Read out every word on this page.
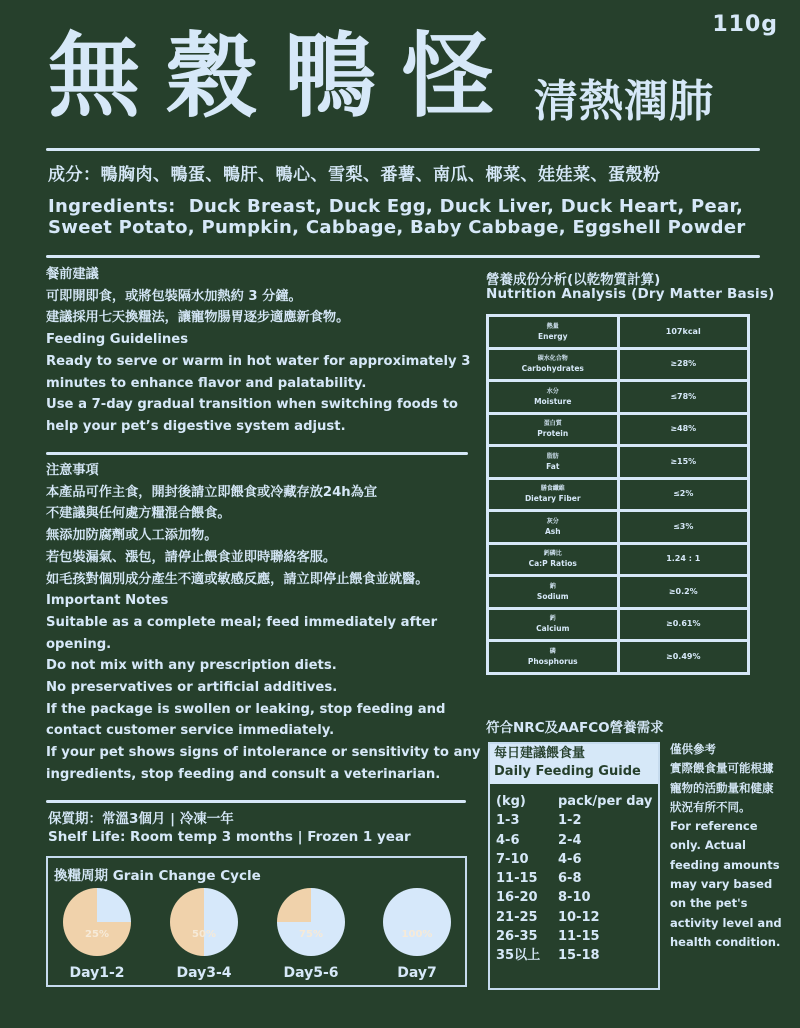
110g
無穀鴨怪 清熱潤肺
成分：鴨胸肉、鴨蛋、鴨肝、鴨心、雪梨、番薯、南瓜、椰菜、娃娃菜、蛋殼粉
Ingredients:  Duck Breast, Duck Egg, Duck Liver, Duck Heart, Pear,
Sweet Potato, Pumpkin, Cabbage, Baby Cabbage, Eggshell Powder
餐前建議
可即開即食，或將包裝隔水加熱約 3 分鐘。
建議採用七天換糧法，讓寵物腸胃逐步適應新食物。
Feeding Guidelines
Ready to serve or warm in hot water for approximately 3
minutes to enhance flavor and palatability.
Use a 7-day gradual transition when switching foods to
help your pet’s digestive system adjust.
注意事項
本產品可作主食，開封後請立即餵食或冷藏存放24h為宜
不建議與任何處方糧混合餵食。
無添加防腐劑或人工添加物。
若包裝漏氣、漲包，請停止餵食並即時聯絡客服。
如毛孩對個別成分產生不適或敏感反應，請立即停止餵食並就醫。
Important Notes
Suitable as a complete meal; feed immediately after
opening.
Do not mix with any prescription diets.
No preservatives or artificial additives.
If the package is swollen or leaking, stop feeding and
contact customer service immediately.
If your pet shows signs of intolerance or sensitivity to any
ingredients, stop feeding and consult a veterinarian.
保質期：常溫3個月 | 冷凍一年
Shelf Life: Room temp 3 months | Frozen 1 year
換糧周期 Grain Change Cycle
25%
Day1-2
50%
Day3-4
75%
Day5-6
100%
Day7
營養成份分析(以乾物質計算)
Nutrition Analysis (Dry Matter Basis)
熱量
Energy	107kcal

碳水化合物
Carbohydrates	≥28%

水分
Moisture	≤78%

蛋白質
Protein	≥48%

脂肪
Fat	≥15%

膳食纖維
Dietary Fiber	≤2%

灰分
Ash	≤3%

鈣磷比
Ca:P Ratios	1.24 : 1

鈉
Sodium	≥0.2%

鈣
Calcium	≥0.61%

磷
Phosphorus	≥0.49%
符合NRC及AAFCO營養需求
每日建議餵食量
Daily Feeding Guide
(kg)	pack/per day
1-3	1-2
4-6	2-4
7-10	4-6
11-15	6-8
16-20	8-10
21-25	10-12
26-35	11-15
35以上	15-18
僅供參考
實際餵食量可能根據
寵物的活動量和健康
狀況有所不同。
For reference
only. Actual
feeding amounts
may vary based
on the pet's
activity level and
health condition.
